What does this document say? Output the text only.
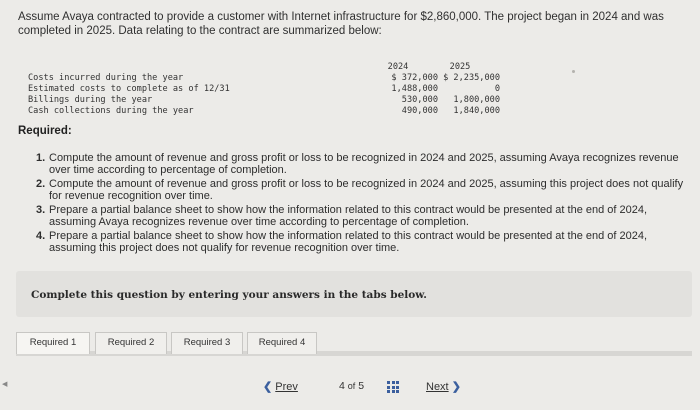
Assume Avaya contracted to provide a customer with Internet infrastructure for $2,860,000. The project began in 2024 and was completed in 2025. Data relating to the contract are summarized below:
2024	2025
Costs incurred during the year	$ 372,000 $ 2,235,000
Estimated costs to complete as of 12/31	1,488,000	0
Billings during the year	530,000	1,800,000
Cash collections during the year	490,000	1,840,000
Required:
1. Compute the amount of revenue and gross profit or loss to be recognized in 2024 and 2025, assuming Avaya recognizes revenue over time according to percentage of completion.
2. Compute the amount of revenue and gross profit or loss to be recognized in 2024 and 2025, assuming this project does not qualify for revenue recognition over time.
3. Prepare a partial balance sheet to show how the information related to this contract would be presented at the end of 2024, assuming Avaya recognizes revenue over time according to percentage of completion.
4. Prepare a partial balance sheet to show how the information related to this contract would be presented at the end of 2024, assuming this project does not qualify for revenue recognition over time.
Complete this question by entering your answers in the tabs below.
Required 1	Required 2	Required 3	Required 4
◀	❮ Prev	4 of 5	Next ❯
